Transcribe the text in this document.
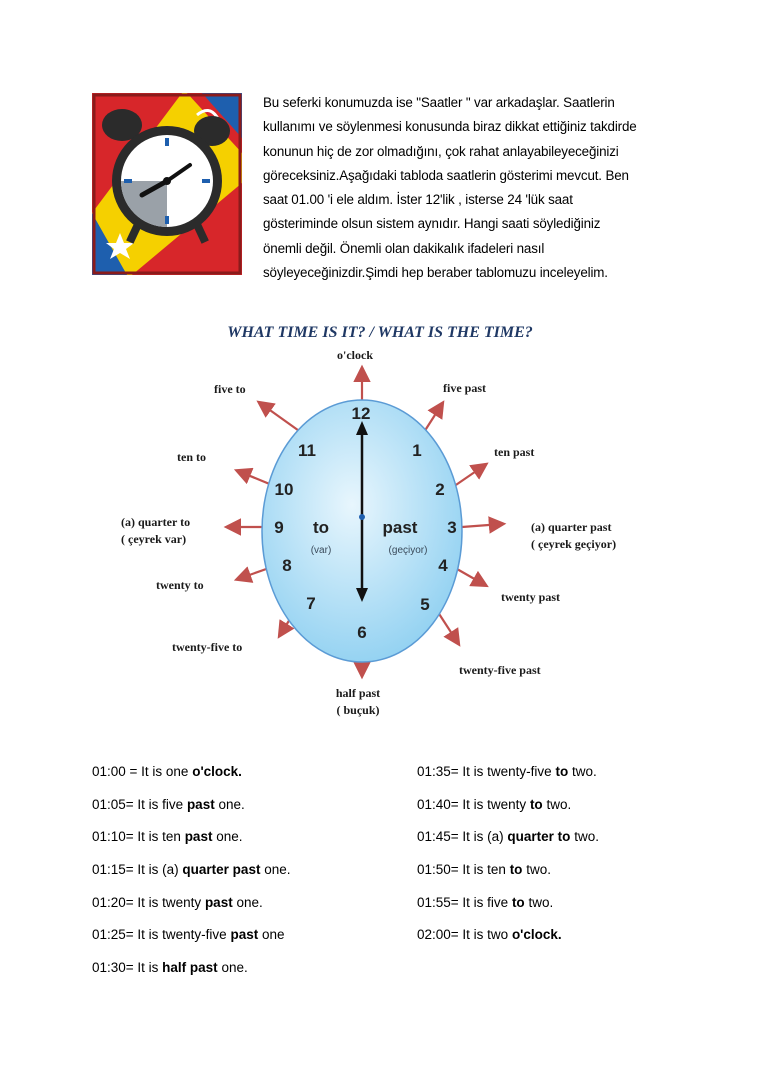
Bu seferki konumuzda ise "Saatler " var arkadaşlar. Saatlerin
kullanımı ve söylenmesi konusunda biraz dikkat ettiğiniz takdirde
konunun hiç de zor olmadığını, çok rahat anlayabileyeceğinizi
göreceksiniz.Aşağıdaki tabloda saatlerin gösterimi mevcut. Ben
saat 01.00 'i ele aldım. İster 12'lik , isterse 24 'lük saat
gösteriminde olsun sistem aynıdır. Hangi saati söylediğiniz
önemli değil. Önemli olan dakikalık ifadeleri nasıl
söyleyeceğinizdir.Şimdi hep beraber tablomuzu inceleyelim.

WHAT TIME IS IT? / WHAT IS THE TIME?
12
1
2
3
4
5
6
7
8
9
10
11
to	past
(var)	(geçiyor)
o'clock
five past
ten past
(a) quarter past
( çeyrek geçiyor)
twenty past
twenty-five past
half past
( buçuk)
twenty-five to
twenty to
(a) quarter to
( çeyrek var)
ten to
five to
01:00 = It is one o'clock.
01:05= It is five past one.
01:10= It is ten past one.
01:15= It is (a) quarter past one.
01:20= It is twenty past one.
01:25= It is twenty-five past one
01:30= It is half past one.
01:35= It is twenty-five to two.
01:40= It is twenty to two.
01:45= It is (a) quarter to two.
01:50= It is ten to two.
01:55= It is five to two.
02:00= It is two o'clock.
